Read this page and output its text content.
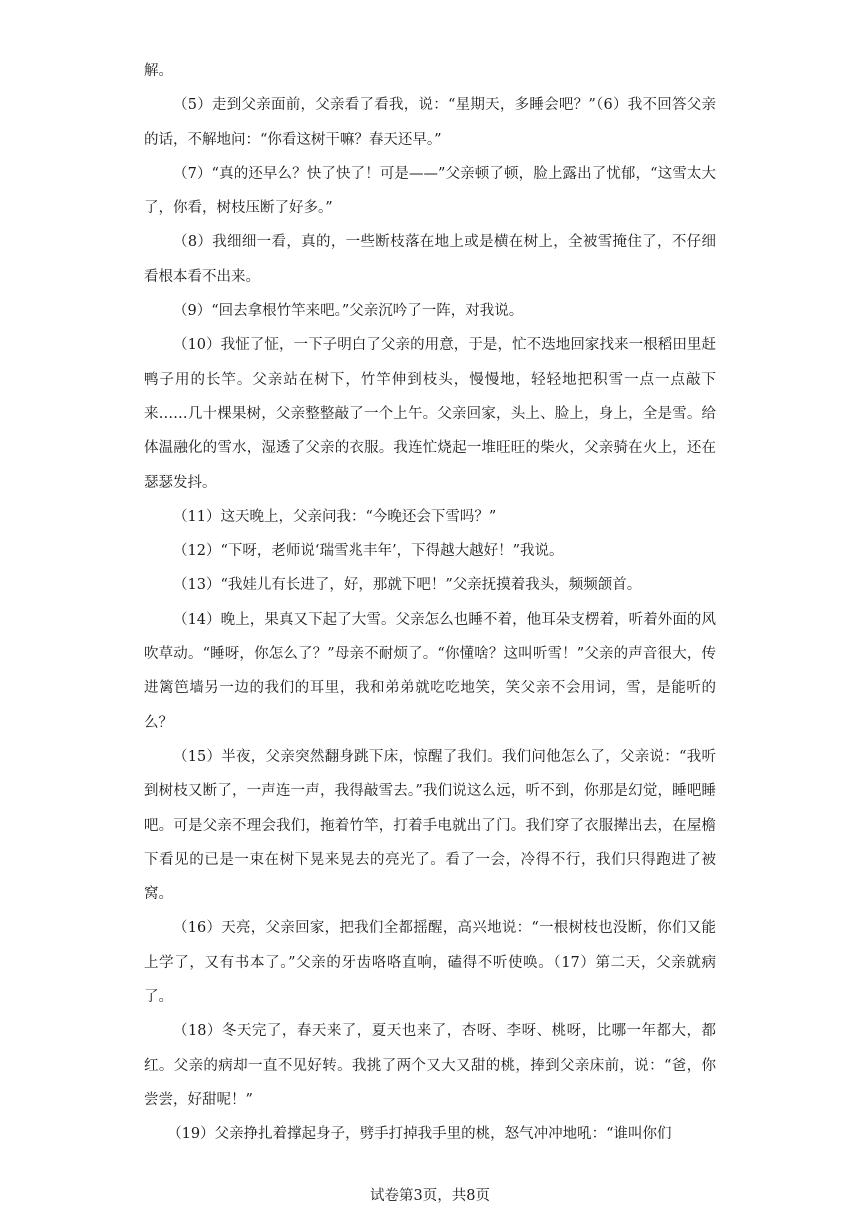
解。

（5）走到父亲面前，父亲看了看我，说：“星期天，多睡会吧？”（6）我不回答父亲的话，不解地问：“你看这树干嘛？春天还早。”

（7）“真的还早么？快了快了！可是——”父亲顿了顿，脸上露出了忧郁，“这雪太大了，你看，树枝压断了好多。”

（8）我细细一看，真的，一些断枝落在地上或是横在树上，全被雪掩住了，不仔细看根本看不出来。

（9）“回去拿根竹竿来吧。”父亲沉吟了一阵，对我说。

（10）我怔了怔，一下子明白了父亲的用意，于是，忙不迭地回家找来一根稻田里赶鸭子用的长竿。父亲站在树下，竹竿伸到枝头，慢慢地，轻轻地把积雪一点一点敲下来……几十棵果树，父亲整整敲了一个上午。父亲回家，头上、脸上，身上，全是雪。给体温融化的雪水，湿透了父亲的衣服。我连忙烧起一堆旺旺的柴火，父亲骑在火上，还在瑟瑟发抖。

（11）这天晚上，父亲问我：“今晚还会下雪吗？”

（12）“下呀，老师说‘瑞雪兆丰年’，下得越大越好！”我说。

（13）“我娃儿有长进了，好，那就下吧！”父亲抚摸着我头，频频颌首。

（14）晚上，果真又下起了大雪。父亲怎么也睡不着，他耳朵支楞着，听着外面的风吹草动。“睡呀，你怎么了？”母亲不耐烦了。“你懂啥？这叫听雪！”父亲的声音很大，传进篱笆墙另一边的我们的耳里，我和弟弟就吃吃地笑，笑父亲不会用词，雪，是能听的么？

（15）半夜，父亲突然翻身跳下床，惊醒了我们。我们问他怎么了，父亲说：“我听到树枝又断了，一声连一声，我得敲雪去。”我们说这么远，听不到，你那是幻觉，睡吧睡吧。可是父亲不理会我们，拖着竹竿，打着手电就出了门。我们穿了衣服撵出去，在屋檐下看见的已是一束在树下晃来晃去的亮光了。看了一会，冷得不行，我们只得跑进了被窝。

（16）天亮，父亲回家，把我们全都摇醒，高兴地说：“一根树枝也没断，你们又能上学了，又有书本了。”父亲的牙齿咯咯直响，磕得不听使唤。（17）第二天，父亲就病了。

（18）冬天完了，春天来了，夏天也来了，杏呀、李呀、桃呀，比哪一年都大，都红。父亲的病却一直不见好转。我挑了两个又大又甜的桃，捧到父亲床前，说：“爸，你尝尝，好甜呢！”

（19）父亲挣扎着撑起身子，劈手打掉我手里的桃，怒气冲冲地吼：“谁叫你们

试卷第3页，共8页
